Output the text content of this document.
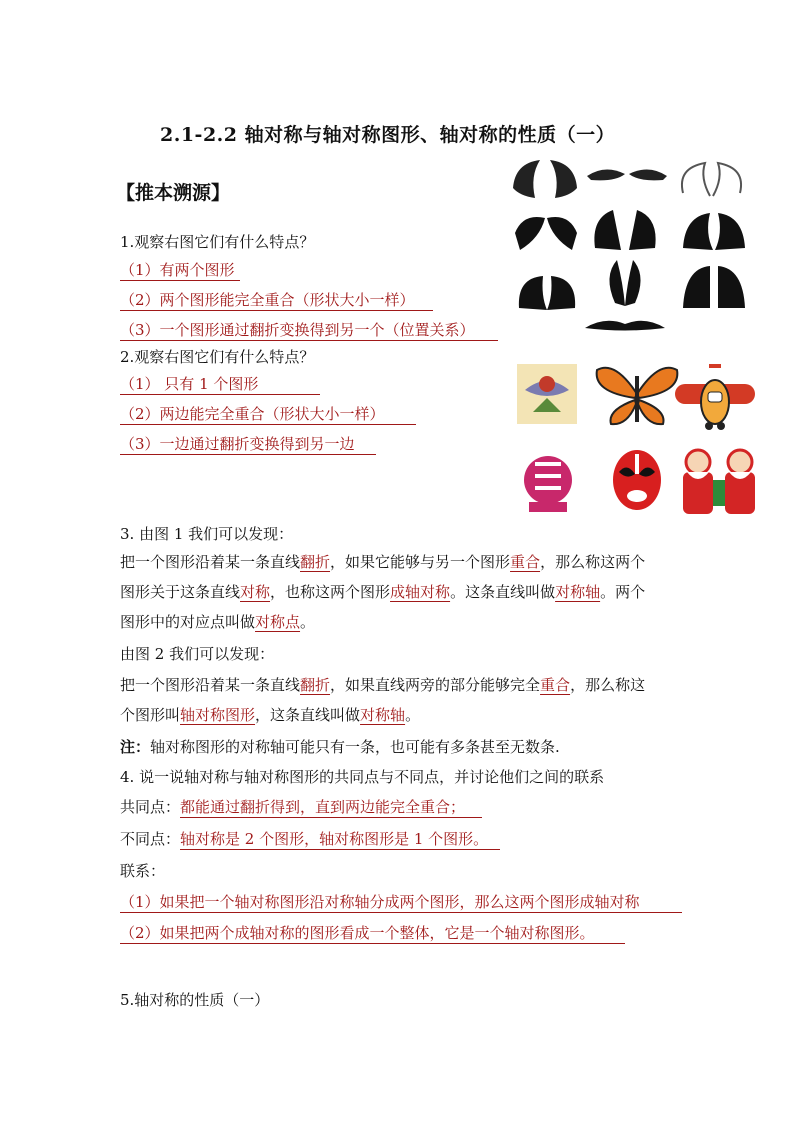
2.1-2.2 轴对称与轴对称图形、轴对称的性质（一）
【推本溯源】
1.观察右图它们有什么特点？
（1）有两个图形
（2）两个图形能完全重合（形状大小一样）
（3）一个图形通过翻折变换得到另一个（位置关系）
2.观察右图它们有什么特点？
（1） 只有 1 个图形
（2）两边能完全重合（形状大小一样）
（3）一边通过翻折变换得到另一边
3. 由图 1 我们可以发现：
把一个图形沿着某一条直线翻折，如果它能够与另一个图形重合，那么称这两个
图形关于这条直线对称，也称这两个图形成轴对称。这条直线叫做对称轴。两个
图形中的对应点叫做对称点。
由图 2 我们可以发现：
把一个图形沿着某一条直线翻折，如果直线两旁的部分能够完全重合，那么称这
个图形叫轴对称图形，这条直线叫做对称轴。
注：轴对称图形的对称轴可能只有一条，也可能有多条甚至无数条.
4. 说一说轴对称与轴对称图形的共同点与不同点，并讨论他们之间的联系
共同点：都能通过翻折得到，直到两边能完全重合；
不同点：轴对称是 2 个图形，轴对称图形是 1 个图形。
联系：
（1）如果把一个轴对称图形沿对称轴分成两个图形，那么这两个图形成轴对称
（2）如果把两个成轴对称的图形看成一个整体，它是一个轴对称图形。
5.轴对称的性质（一）
